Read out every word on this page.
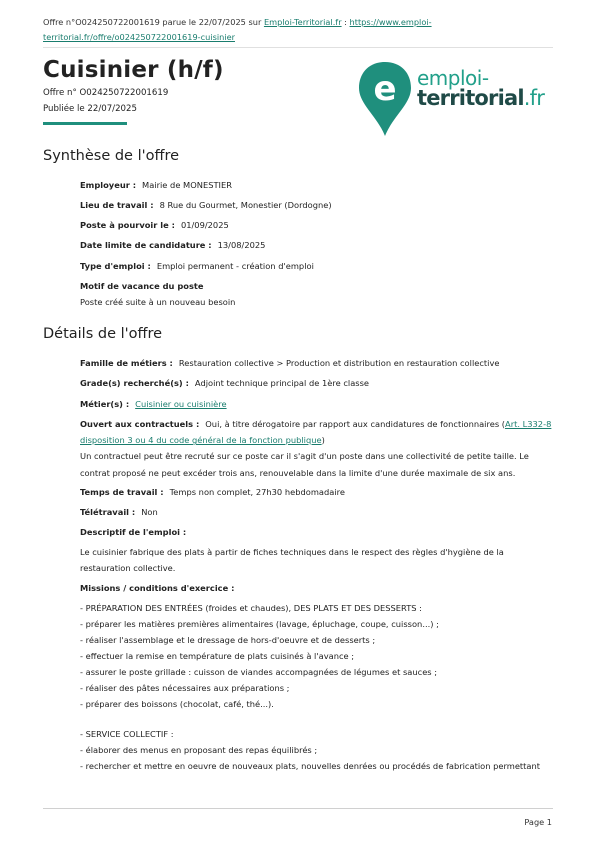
Offre n°O024250722001619 parue le 22/07/2025 sur Emploi-Territorial.fr : https://www.emploi-
territorial.fr/offre/o024250722001619-cuisinier
Cuisinier (h/f)
Offre n° O024250722001619
Publiée le 22/07/2025	e emploi-
territorial.fr
Synthèse de l'offre
Employeur : Mairie de MONESTIER
Lieu de travail : 8 Rue du Gourmet, Monestier (Dordogne)
Poste à pourvoir le : 01/09/2025
Date limite de candidature : 13/08/2025
Type d'emploi : Emploi permanent - création d'emploi
Motif de vacance du poste
Poste créé suite à un nouveau besoin
Détails de l'offre
Famille de métiers : Restauration collective > Production et distribution en restauration collective
Grade(s) recherché(s) : Adjoint technique principal de 1ère classe
Métier(s) : Cuisinier ou cuisinière
Ouvert aux contractuels : Oui, à titre dérogatoire par rapport aux candidatures de fonctionnaires (Art. L332-8
disposition 3 ou 4 du code général de la fonction publique)
Un contractuel peut être recruté sur ce poste car il s'agit d'un poste dans une collectivité de petite taille. Le
contrat proposé ne peut excéder trois ans, renouvelable dans la limite d'une durée maximale de six ans.
Temps de travail : Temps non complet, 27h30 hebdomadaire
Télétravail : Non
Descriptif de l'emploi :
Le cuisinier fabrique des plats à partir de fiches techniques dans le respect des règles d'hygiène de la
restauration collective.
Missions / conditions d'exercice :
- PRÉPARATION DES ENTRÉES (froides et chaudes), DES PLATS ET DES DESSERTS :
- préparer les matières premières alimentaires (lavage, épluchage, coupe, cuisson...) ;
- réaliser l'assemblage et le dressage de hors-d'oeuvre et de desserts ;
- effectuer la remise en température de plats cuisinés à l'avance ;
- assurer le poste grillade : cuisson de viandes accompagnées de légumes et sauces ;
- réaliser des pâtes nécessaires aux préparations ;
- préparer des boissons (chocolat, café, thé...).
- SERVICE COLLECTIF :
- élaborer des menus en proposant des repas équilibrés ;
- rechercher et mettre en oeuvre de nouveaux plats, nouvelles denrées ou procédés de fabrication permettant
Page 1
